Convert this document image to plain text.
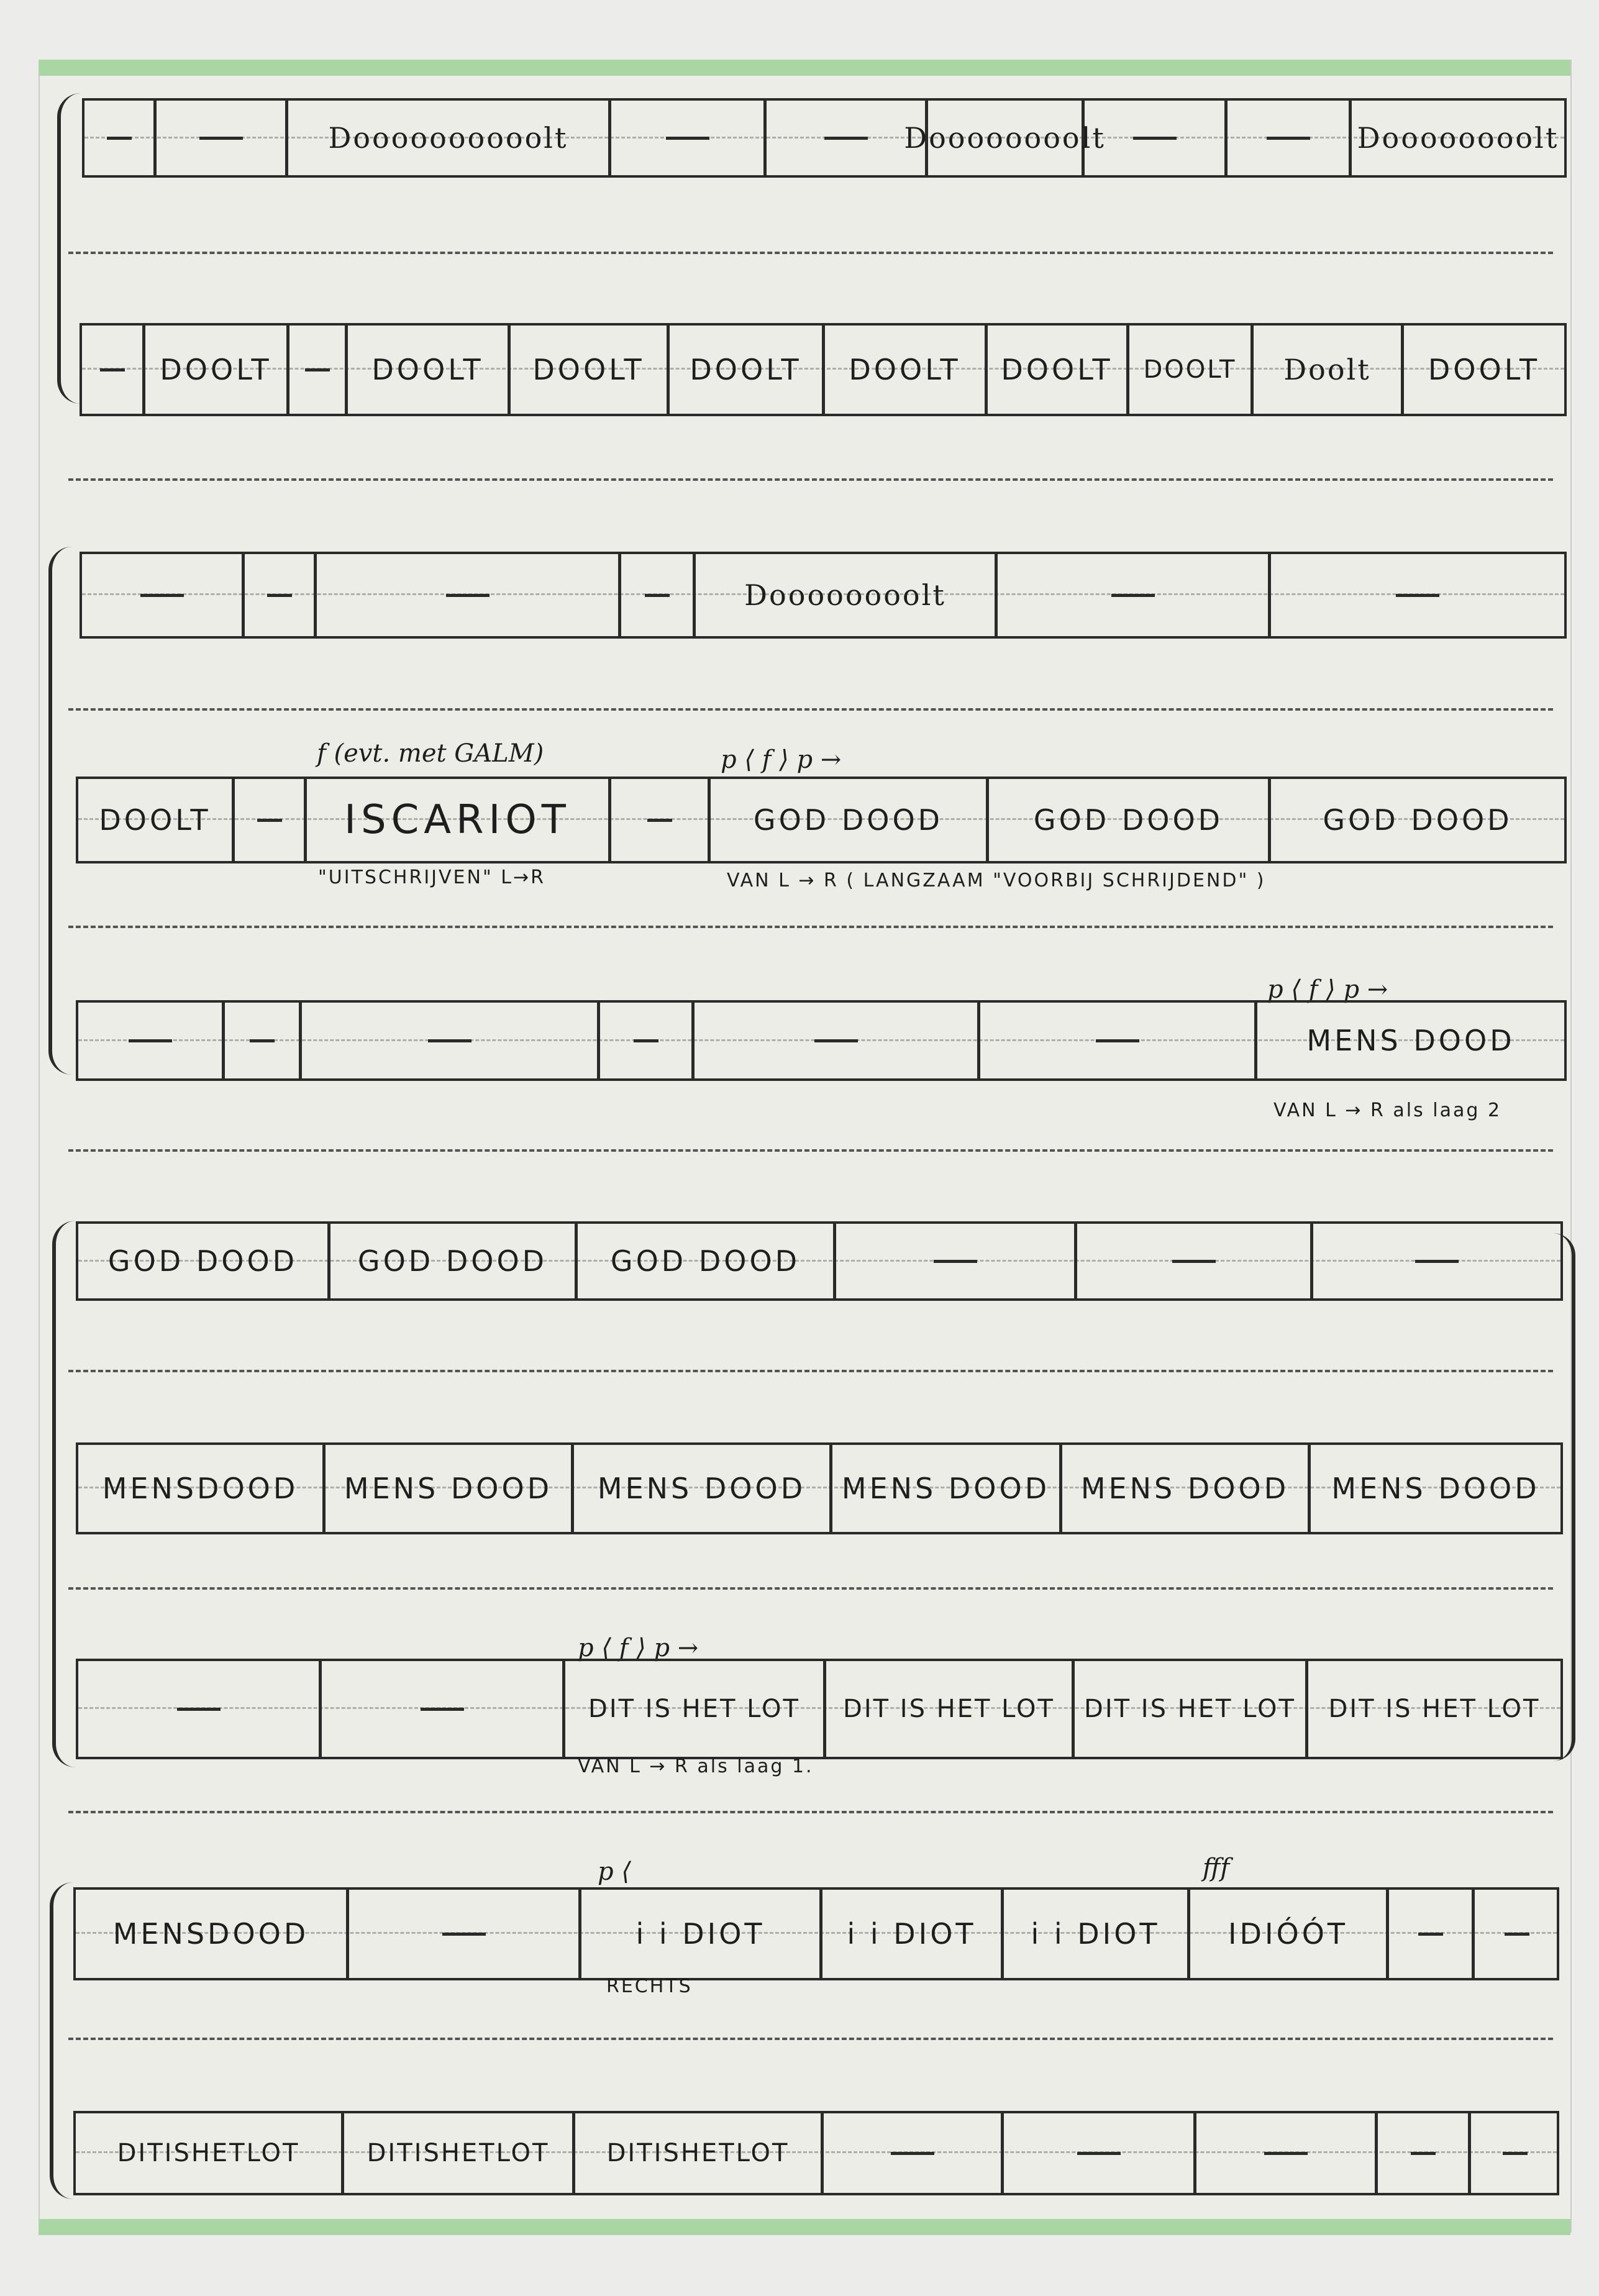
Doooooooooolt	Doooooooolt	Doooooooolt
DOOLT	DOOLT	DOOLT	DOOLT	DOOLT	DOOLT	DOOLT	Doolt	DOOLT
Doooooooolt
f (evt. met GALM)	p ⟨ f ⟩ p →
DOOLT	ISCARIOT	GOD DOOD	GOD DOOD	GOD DOOD
"UITSCHRIJVEN" L→R	VAN L → R ( LANGZAAM "VOORBIJ SCHRIJDEND" )
p ⟨ f ⟩ p →
MENS DOOD
VAN L → R als laag 2
GOD DOOD	GOD DOOD	GOD DOOD
MENSDOOD	MENS DOOD	MENS DOOD	MENS DOOD	MENS DOOD	MENS DOOD
p ⟨ f ⟩ p →
DIT IS HET LOT	DIT IS HET LOT	DIT IS HET LOT	DIT IS HET LOT
VAN L → R als laag 1.
p ⟨	fff
MENSDOOD	i i DIOT	i i DIOT	i i DIOT	IDIÓÓT
RECHTS
DITISHETLOT	DITISHETLOT	DITISHETLOT
